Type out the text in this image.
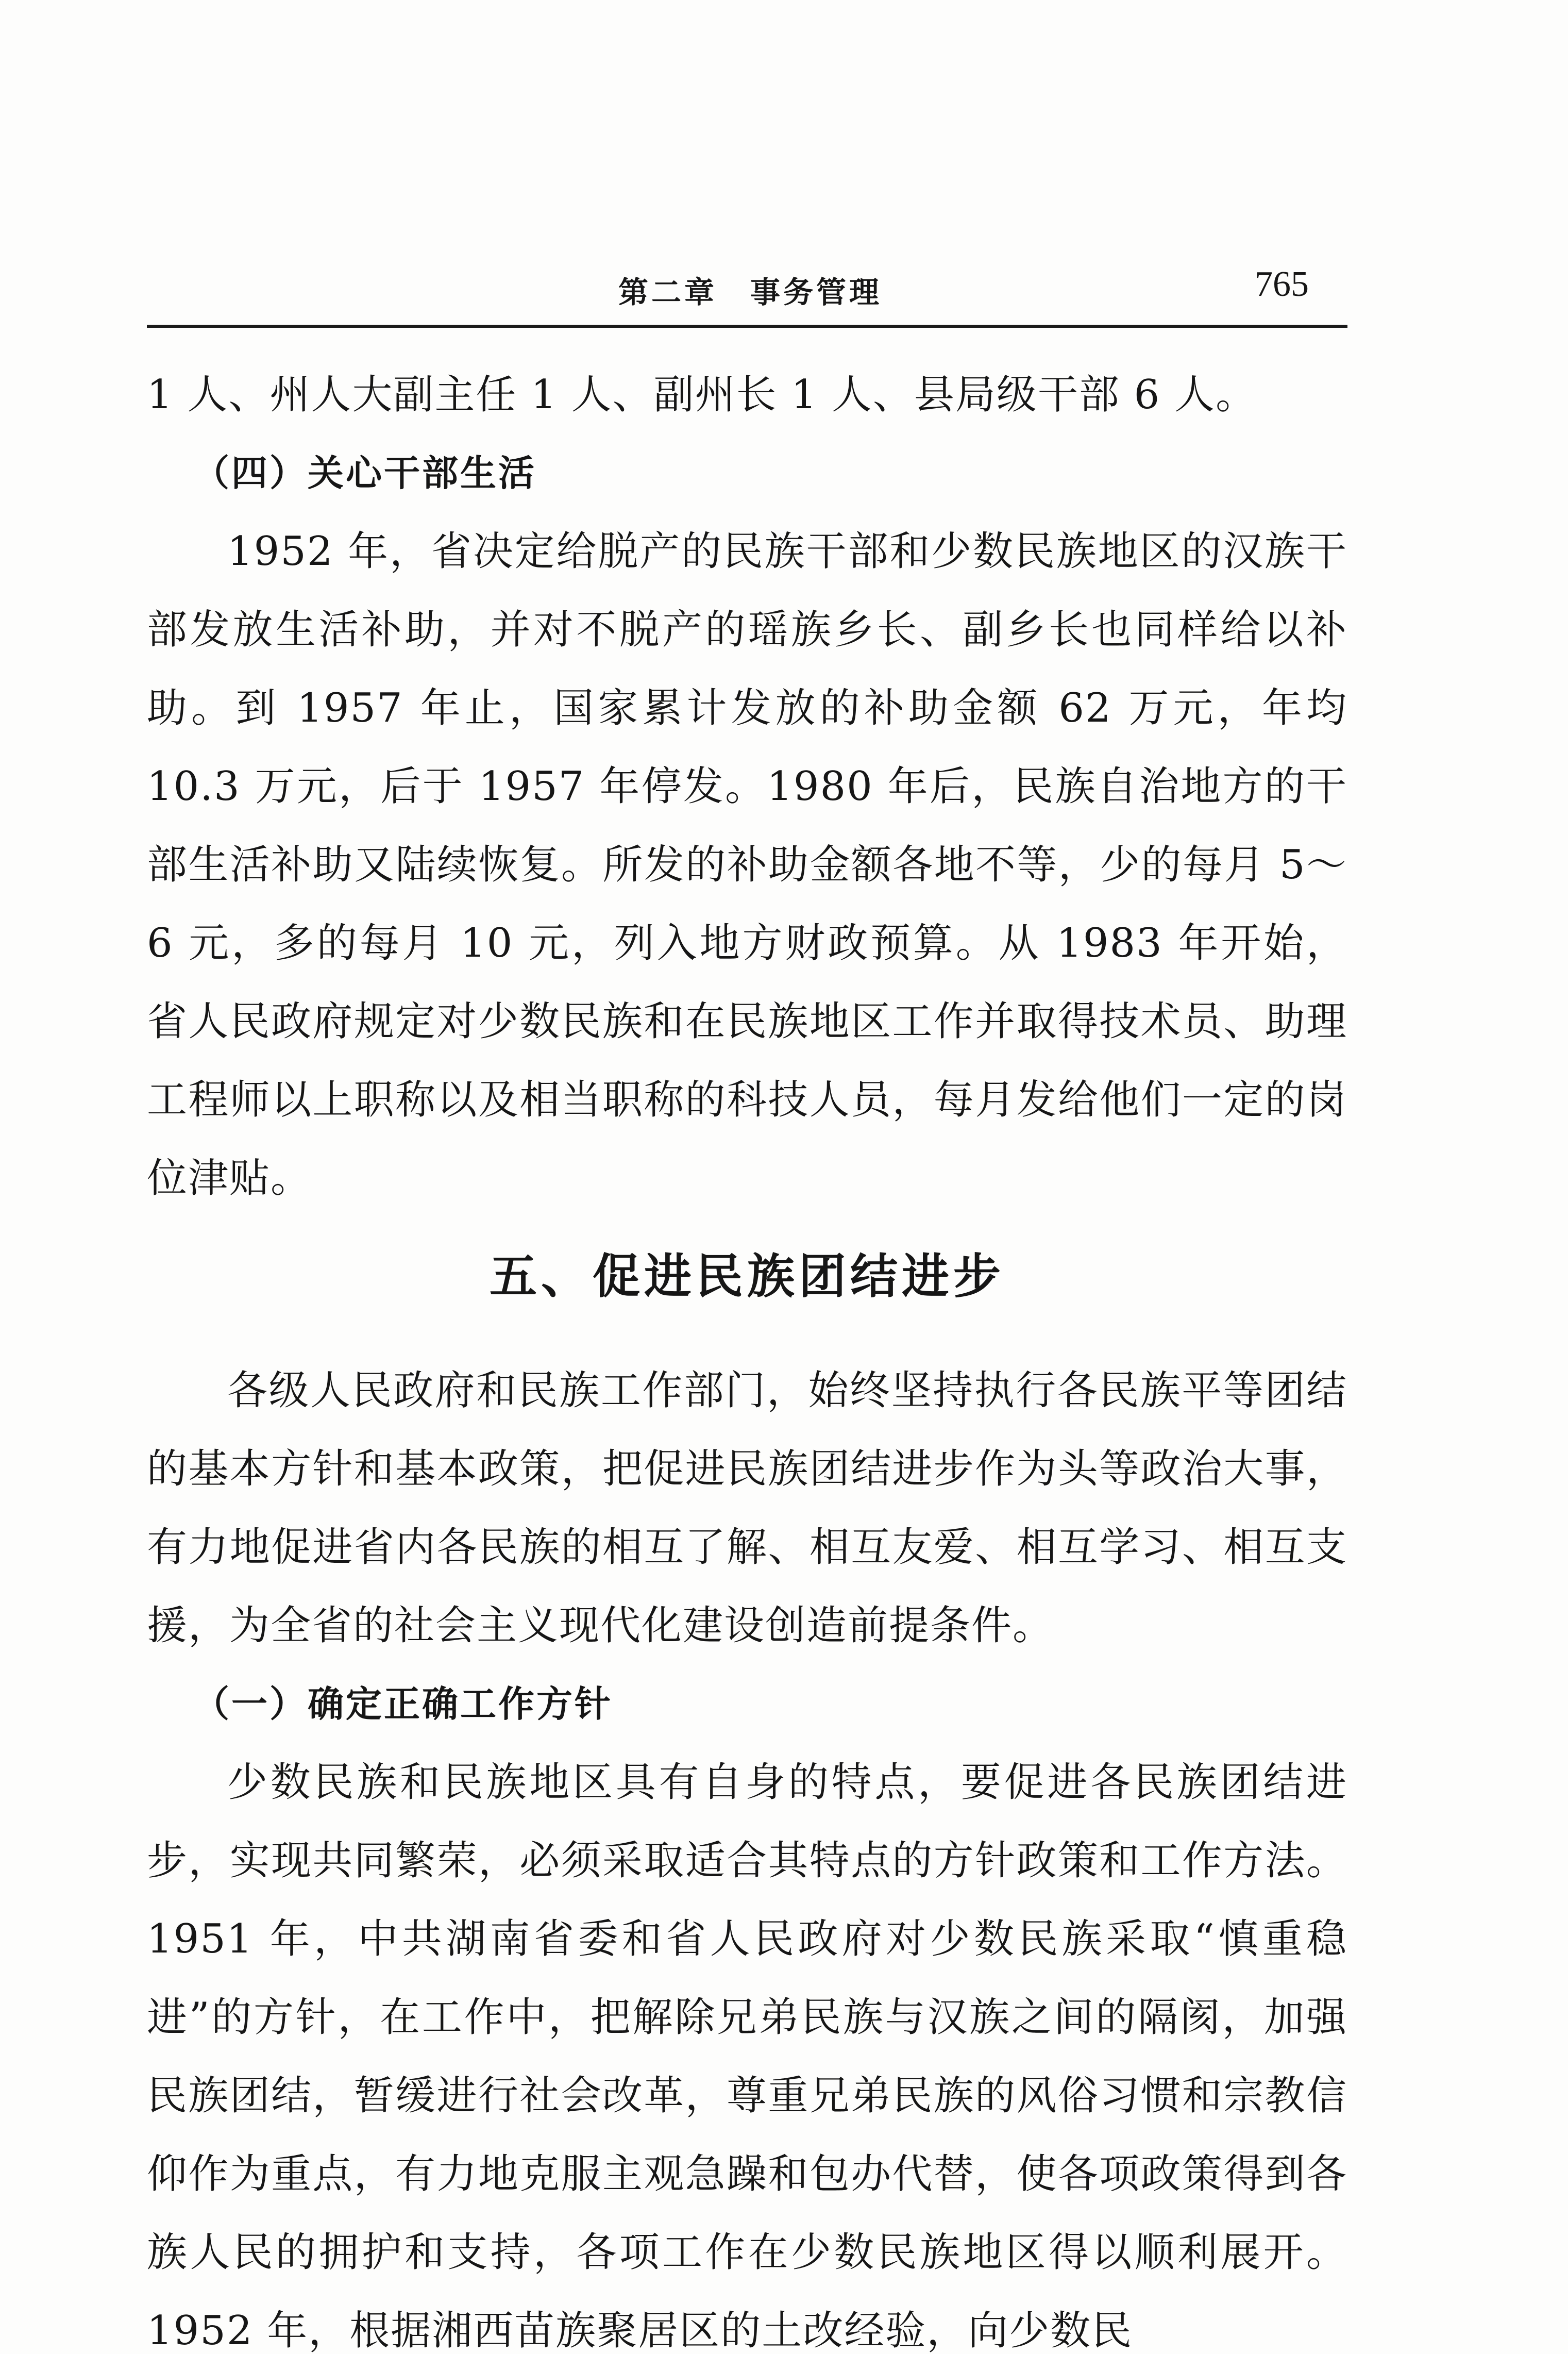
第二章　事务管理	765

1 人、州人大副主任 1 人、副州长 1 人、县局级干部 6 人。

（四）关心干部生活

1952 年，省决定给脱产的民族干部和少数民族地区的汉族干部发放生活补助，并对不脱产的瑶族乡长、副乡长也同样给以补助。到 1957 年止，国家累计发放的补助金额 62 万元，年均 10.3 万元，后于 1957 年停发。1980 年后，民族自治地方的干部生活补助又陆续恢复。所发的补助金额各地不等，少的每月 5～6 元，多的每月 10 元，列入地方财政预算。从 1983 年开始，省人民政府规定对少数民族和在民族地区工作并取得技术员、助理工程师以上职称以及相当职称的科技人员，每月发给他们一定的岗位津贴。

五、促进民族团结进步

各级人民政府和民族工作部门，始终坚持执行各民族平等团结的基本方针和基本政策，把促进民族团结进步作为头等政治大事，有力地促进省内各民族的相互了解、相互友爱、相互学习、相互支援，为全省的社会主义现代化建设创造前提条件。

（一）确定正确工作方针

少数民族和民族地区具有自身的特点，要促进各民族团结进步，实现共同繁荣，必须采取适合其特点的方针政策和工作方法。1951 年，中共湖南省委和省人民政府对少数民族采取“慎重稳进”的方针，在工作中，把解除兄弟民族与汉族之间的隔阂，加强民族团结，暂缓进行社会改革，尊重兄弟民族的风俗习惯和宗教信仰作为重点，有力地克服主观急躁和包办代替，使各项政策得到各族人民的拥护和支持，各项工作在少数民族地区得以顺利展开。1952 年，根据湘西苗族聚居区的土改经验，向少数民
